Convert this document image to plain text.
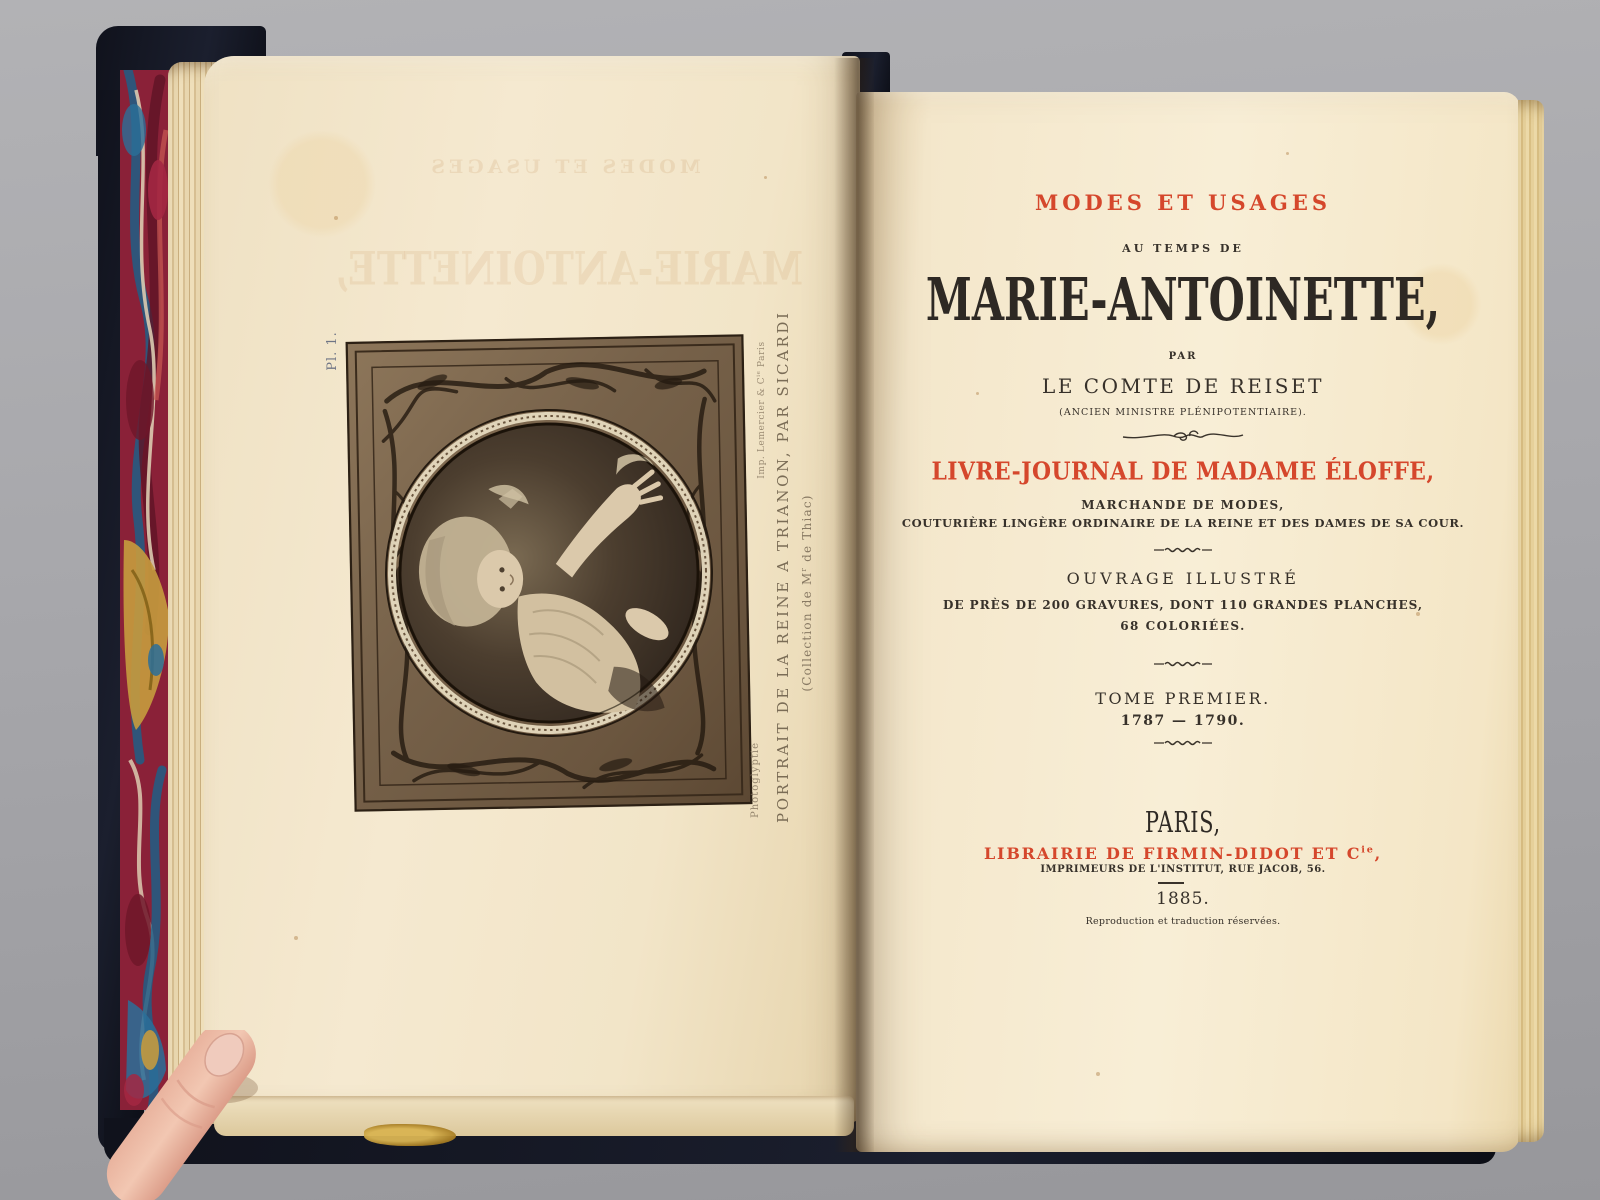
MODES ET USAGES
MARIE-ANTOINETTE,
Pl. 1.
Imp. Lemercier & $C^{ie}$ Paris PORTRAIT DE LA REINE A TRIANON, PAR SICARDI (Collection de $M^r$ de Thiac)
Photoglyptie
MODES ET USAGES
AU TEMPS DE
MARIE-ANTOINETTE,
PAR
LE COMTE DE REISET
(ANCIEN MINISTRE PLÉNIPOTENTIAIRE).
LIVRE-JOURNAL DE MADAME ÉLOFFE,
MARCHANDE DE MODES,
COUTURIÈRE LINGÈRE ORDINAIRE DE LA REINE ET DES DAMES DE SA COUR.
OUVRAGE ILLUSTRÉ
DE PRÈS DE 200 GRAVURES, DONT 110 GRANDES PLANCHES,
68 COLORIÉES.
TOME PREMIER.
1787 — 1790.
PARIS,
LIBRAIRIE DE FIRMIN-DIDOT ET $C^{ie}$,
IMPRIMEURS DE L'INSTITUT, RUE JACOB, 56.
1885.
Reproduction et traduction réservées.
